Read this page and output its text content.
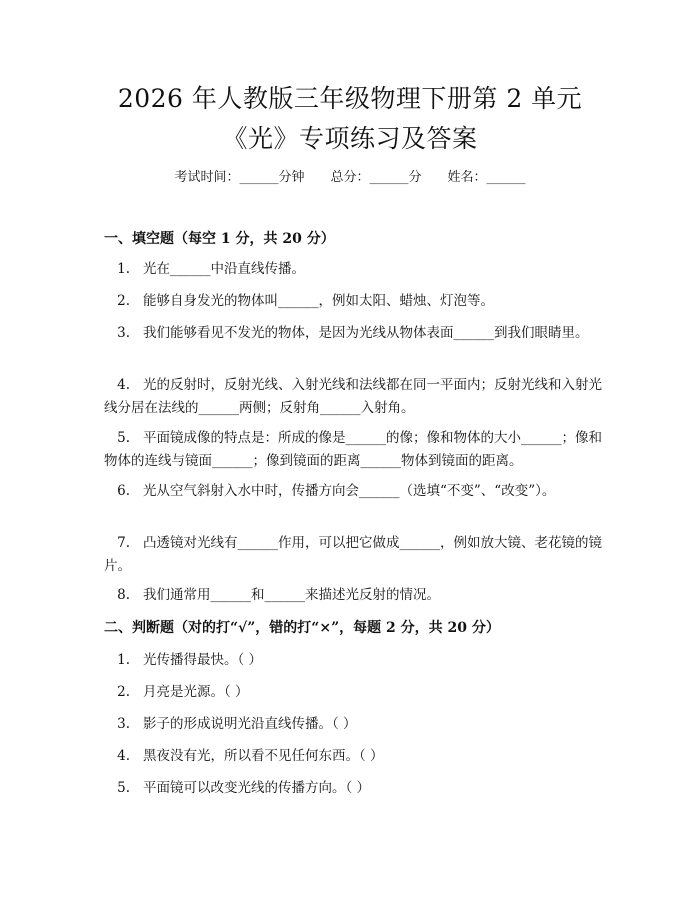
2026 年人教版三年级物理下册第 2 单元
《光》专项练习及答案
考试时间：______分钟 总分：______分 姓名：______
一、填空题（每空 1 分，共 20 分）
1. 光在______中沿直线传播。
2. 能够自身发光的物体叫______，例如太阳、蜡烛、灯泡等。
3. 我们能够看见不发光的物体，是因为光线从物体表面______到我们眼睛里。
4. 光的反射时，反射光线、入射光线和法线都在同一平面内；反射光线和入射光线分居在法线的______两侧；反射角______入射角。
5. 平面镜成像的特点是：所成的像是______的像；像和物体的大小______；像和物体的连线与镜面______；像到镜面的距离______物体到镜面的距离。
6. 光从空气斜射入水中时，传播方向会______（选填“不变”、“改变”）。
7. 凸透镜对光线有______作用，可以把它做成______，例如放大镜、老花镜的镜片。
8. 我们通常用______和______来描述光反射的情况。
二、判断题（对的打“√”，错的打“×”，每题 2 分，共 20 分）
1. 光传播得最快。（ ）
2. 月亮是光源。（ ）
3. 影子的形成说明光沿直线传播。（ ）
4. 黑夜没有光，所以看不见任何东西。（ ）
5. 平面镜可以改变光线的传播方向。（ ）
